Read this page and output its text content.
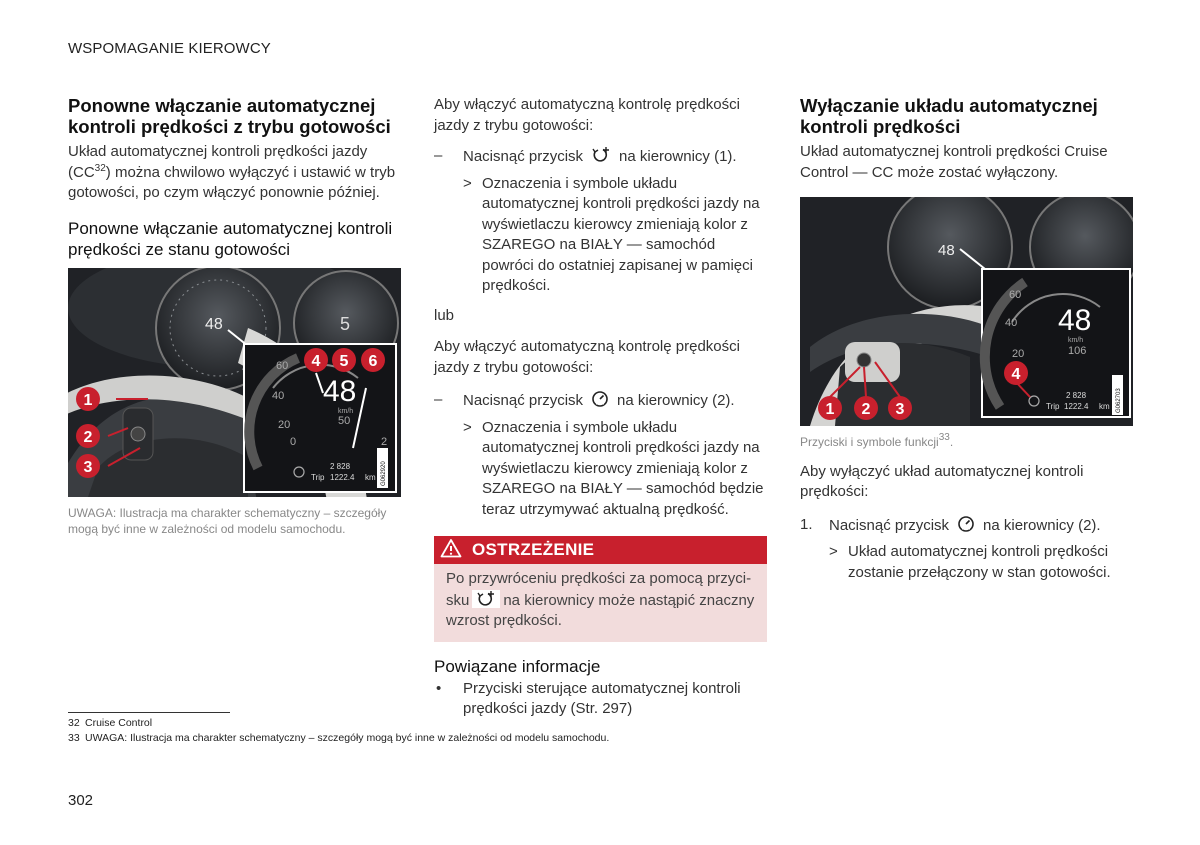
WSPOMAGANIE KIEROWCY
Ponowne włączanie automatycznej kontroli prędkości z trybu gotowości

Układ automatycznej kontroli prędkości jazdy (CC$^{32}$) można chwilowo wyłączyć i ustawić w tryb gotowości, po czym włączyć ponownie później.

Ponowne włączanie automatycznej kontroli prędkości ze stanu gotowości
5
48
60
40
20
0
48
km/h
50
2
2 828
Trip 1222.4 km G062920
1
2
3
4 5 6

UWAGA: Ilustracja ma charakter schematyczny – szczegóły mogą być inne w zależności od modelu samochodu.

Aby włączyć automatyczną kontrolę prędkości jazdy z trybu gotowości:

– Nacisnąć przycisk na kierownicy (1).
> Oznaczenia i symbole układu automatycznej kontroli prędkości jazdy na wyświetlaczu kierowcy zmieniają kolor z SZAREGO na BIAŁY — samochód powróci do ostatniej zapisanej w pamięci prędkości.

lub

Aby włączyć automatyczną kontrolę prędkości jazdy z trybu gotowości:

– Nacisnąć przycisk na kierownicy (2).
> Oznaczenia i symbole układu automatycznej kontroli prędkości jazdy na wyświetlaczu kierowcy zmieniają kolor z SZAREGO na BIAŁY — samochód będzie teraz utrzymywać aktualną prędkość.
OSTRZEŻENIE
Po przywróceniu prędkości za pomocą przyci-sku na kierownicy może nastąpić znaczny wzrost prędkości.
Powiązane informacje
• Przyciski sterujące automatycznej kontroli prędkości jazdy (Str. 297)
Wyłączanie układu automatycznej kontroli prędkości

Układ automatycznej kontroli prędkości Cruise Control — CC może zostać wyłączony.

48
60
40
20
48
km/h
106
2 828
Trip 1222.4 km G062703
1 2 3
4

Przyciski i symbole funkcji$^{33}$.

Aby wyłączyć układ automatycznej kontroli prędkości:

1. Nacisnąć przycisk na kierownicy (2).
> Układ automatycznej kontroli prędkości zostanie przełączony w stan gotowości.
32 Cruise Control
33 UWAGA: Ilustracja ma charakter schematyczny – szczegóły mogą być inne w zależności od modelu samochodu.
302
